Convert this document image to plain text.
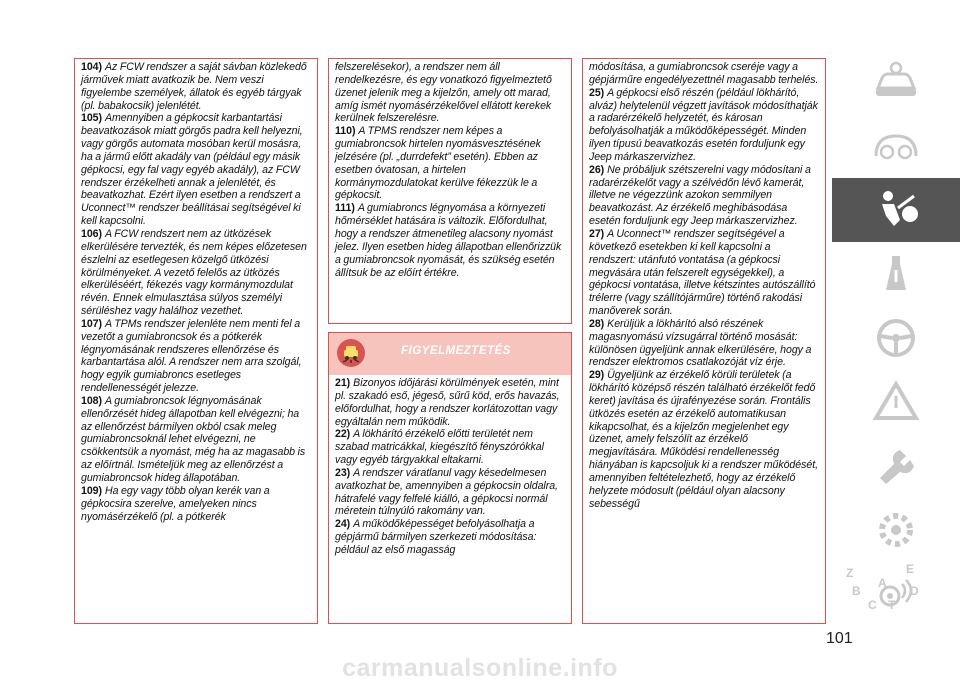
104) Az FCW rendszer a saját sávban közlekedő járművek miatt avatkozik be. Nem veszi figyelembe személyek, állatok és egyéb tárgyak (pl. babakocsik) jelenlétét.

105) Amennyiben a gépkocsit karbantartási beavatkozások miatt görgős padra kell helyezni, vagy görgős automata mosóban kerül mosásra, ha a jármű előtt akadály van (például egy másik gépkocsi, egy fal vagy egyéb akadály), az FCW rendszer érzékelheti annak a jelenlétét, és beavatkozhat. Ezért ilyen esetben a rendszert a Uconnect™ rendszer beállításai segítségével ki kell kapcsolni.

106) A FCW rendszert nem az ütközések elkerülésére tervezték, és nem képes előzetesen észlelni az esetlegesen közelgő ütközési körülményeket. A vezető felelős az ütközés elkerüléséért, fékezés vagy kormánymozdulat révén. Ennek elmulasztása súlyos személyi sérüléshez vagy halálhoz vezethet.

107) A TPMs rendszer jelenléte nem menti fel a vezetőt a gumiabroncsok és a pótkerék légnyomásának rendszeres ellenőrzése és karbantartása alól. A rendszer nem arra szolgál, hogy egyik gumiabroncs esetleges rendellenességét jelezze.

108) A gumiabroncsok légnyomásának ellenőrzését hideg állapotban kell elvégezni; ha az ellenőrzést bármilyen okból csak meleg gumiabroncsoknál lehet elvégezni, ne csökkentsük a nyomást, még ha az magasabb is az előírtnál. Ismételjük meg az ellenőrzést a gumiabroncsok hideg állapotában.

109) Ha egy vagy több olyan kerék van a gépkocsira szerelve, amelyeken nincs nyomásérzékelő (pl. a pótkerék

felszerelésekor), a rendszer nem áll rendelkezésre, és egy vonatkozó figyelmeztető üzenet jelenik meg a kijelzőn, amely ott marad, amíg ismét nyomásérzékelővel ellátott kerekek kerülnek felszerelésre.

110) A TPMS rendszer nem képes a gumiabroncsok hirtelen nyomásvesztésének jelzésére (pl. „durrdefekt” esetén). Ebben az esetben óvatosan, a hirtelen kormánymozdulatokat kerülve fékezzük le a gépkocsit.

111) A gumiabroncs légnyomása a környezeti hőmérséklet hatására is változik. Előfordulhat, hogy a rendszer átmenetileg alacsony nyomást jelez. Ilyen esetben hideg állapotban ellenőrizzük a gumiabroncsok nyomását, és szükség esetén állítsuk be az előírt értékre.

FIGYELMEZTETÉS

21) Bizonyos időjárási körülmények esetén, mint pl. szakadó eső, jégeső, sűrű köd, erős havazás, előfordulhat, hogy a rendszer korlátozottan vagy egyáltalán nem működik.

22) A lökhárító érzékelő előtti területét nem szabad matricákkal, kiegészítő fényszórókkal vagy egyéb tárgyakkal eltakarni.

23) A rendszer váratlanul vagy késedelmesen avatkozhat be, amennyiben a gépkocsin oldalra, hátrafelé vagy felfelé kiálló, a gépkocsi normál méretein túlnyúló rakomány van.

24) A működőképességet befolyásolhatja a gépjármű bármilyen szerkezeti módosítása: például az első magasság

módosítása, a gumiabroncsok cseréje vagy a gépjárműre engedélyezettnél magasabb terhelés.

25) A gépkocsi első részén (például lökhárító, alváz) helytelenül végzett javítások módosíthatják a radarérzékelő helyzetét, és károsan befolyásolhatják a működőképességét. Minden ilyen típusú beavatkozás esetén forduljunk egy Jeep márkaszervizhez.

26) Ne próbáljuk szétszerelni vagy módosítani a radarérzékelőt vagy a szélvédőn lévő kamerát, illetve ne végezzünk azokon semmilyen beavatkozást. Az érzékelő meghibásodása esetén forduljunk egy Jeep márkaszervizhez.

27) A Uconnect™ rendszer segítségével a következő esetekben ki kell kapcsolni a rendszert: utánfutó vontatása (a gépkocsi megvására után felszerelt egységekkel), a gépkocsi vontatása, illetve kétszintes autószállító trélerre (vagy szállítójárműre) történő rakodási manőverek során.

28) Kerüljük a lökhárító alsó részének magasnyomású vízsugárral történő mosását: különösen ügyeljünk annak elkerülésére, hogy a rendszer elektromos csatlakozóját víz érje.

29) Ügyeljünk az érzékelő körüli területek (a lökhárító középső részén található érzékelőt fedő keret) javítása és újrafényezése során. Frontális ütközés esetén az érzékelő automatikusan kikapcsolhat, és a kijelzőn megjelenhet egy üzenet, amely felszólít az érzékelő megjavítására. Működési rendellenesség hiányában is kapcsoljuk ki a rendszer működését, amennyiben feltételezhető, hogy az érzékelő helyzete módosult (például olyan alacsony sebességű

Z	E
B	D
A
C T
101
carmanualsonline.info
